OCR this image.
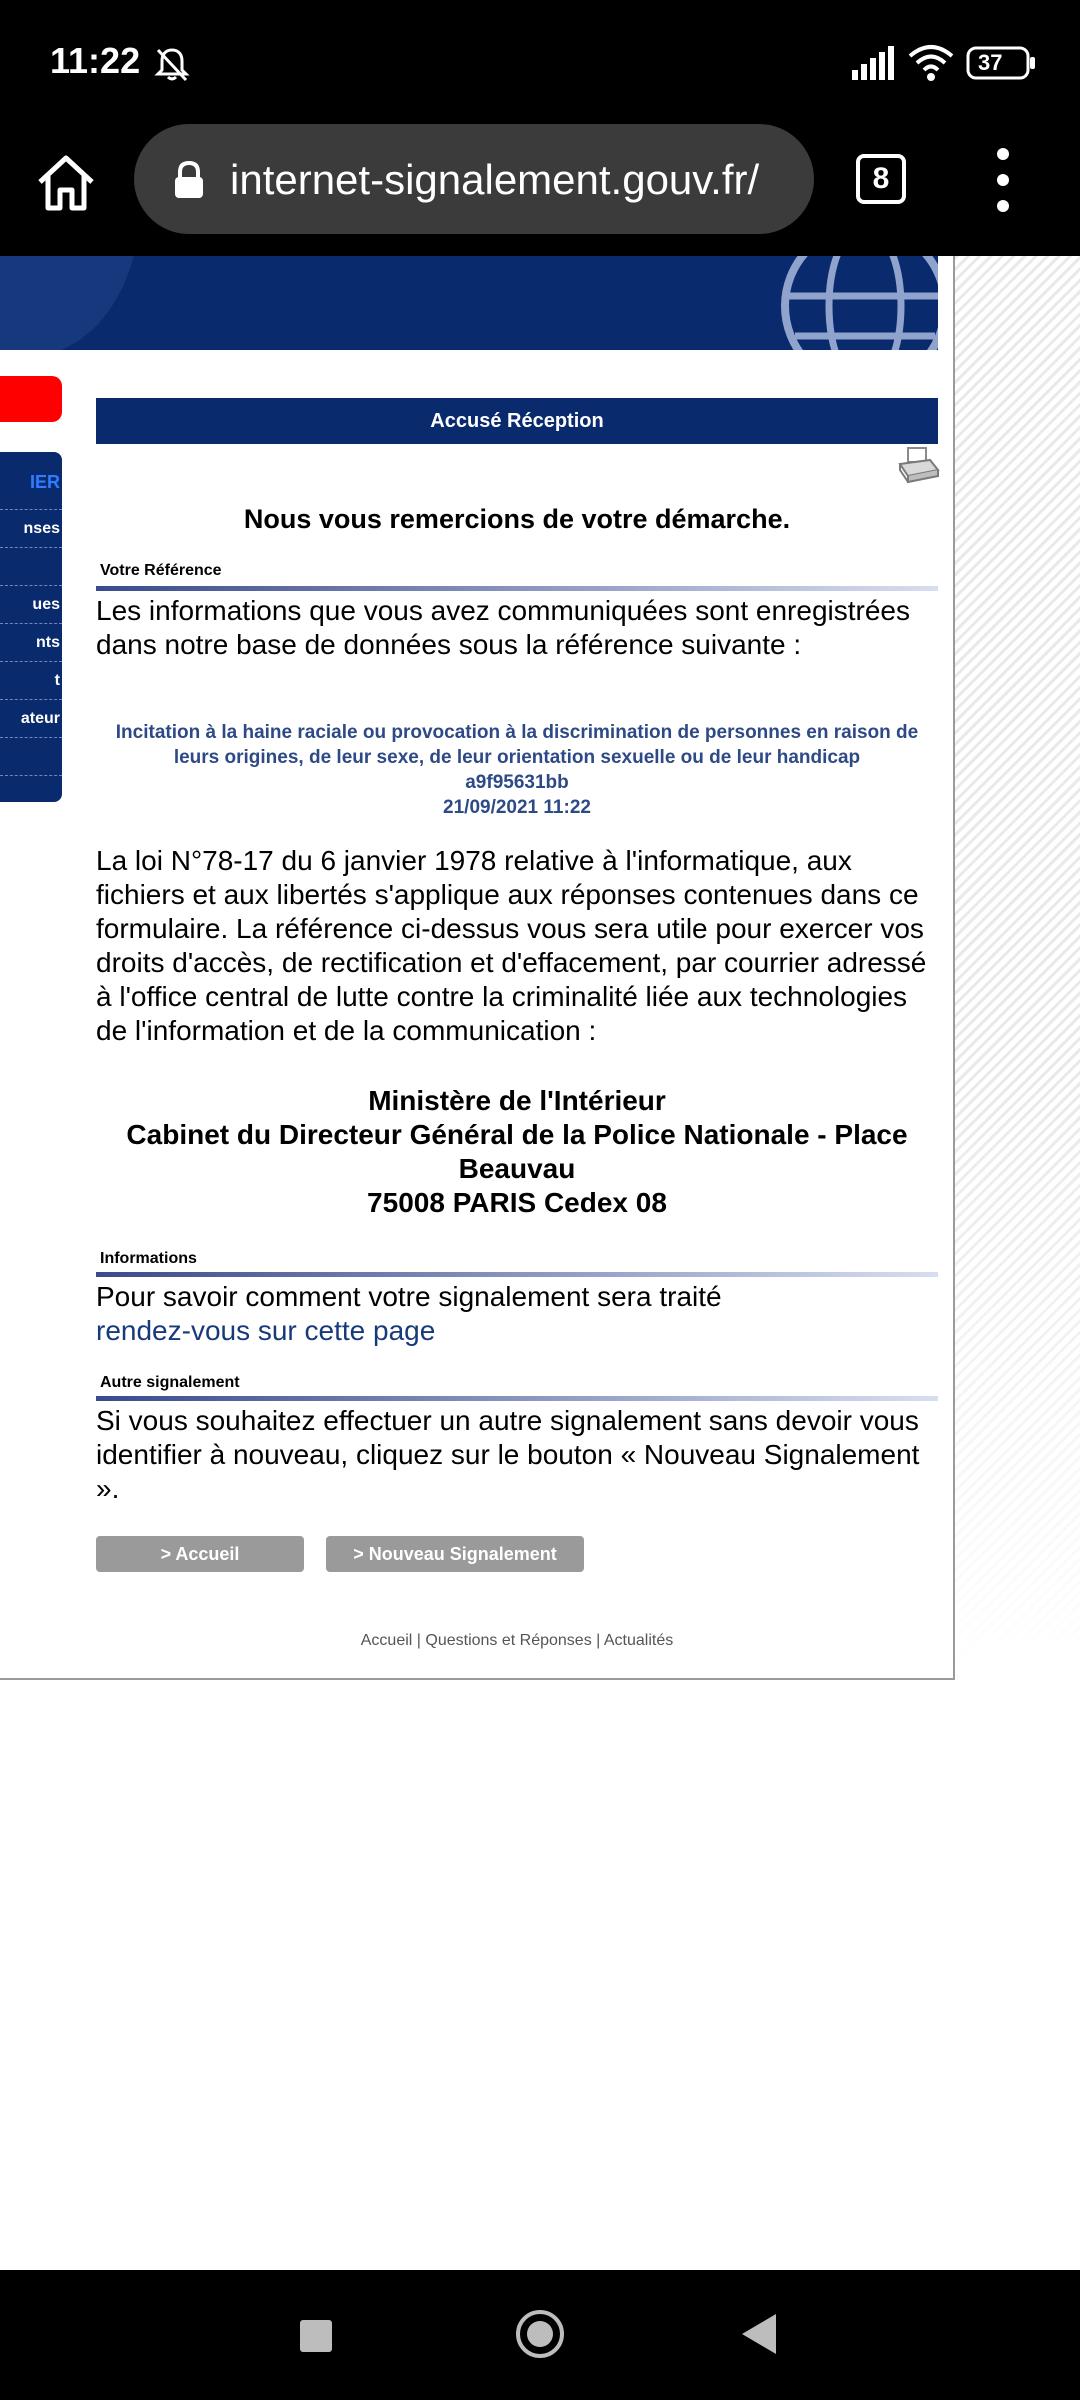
11:22	37
internet-signalement.gouv.fr/	8
IER
nses
ues
nts
t
ateur
Accusé Réception
Nous vous remercions de votre démarche.
Votre Référence
Les informations que vous avez communiquées sont enregistrées dans notre base de données sous la référence suivante :
Incitation à la haine raciale ou provocation à la discrimination de personnes en raison de leurs origines, de leur sexe, de leur orientation sexuelle ou de leur handicap
a9f95631bb
21/09/2021 11:22
La loi N°78-17 du 6 janvier 1978 relative à l'informatique, aux fichiers et aux libertés s'applique aux réponses contenues dans ce formulaire. La référence ci-dessus vous sera utile pour exercer vos droits d'accès, de rectification et d'effacement, par courrier adressé à l'office central de lutte contre la criminalité liée aux technologies de l'information et de la communication :
Ministère de l'Intérieur
Cabinet du Directeur Général de la Police Nationale - Place Beauvau
75008 PARIS Cedex 08
Informations
Pour savoir comment votre signalement sera traité
rendez-vous sur cette page
Autre signalement
Si vous souhaitez effectuer un autre signalement sans devoir vous identifier à nouveau, cliquez sur le bouton « Nouveau Signalement ».
> Accueil	> Nouveau Signalement
Accueil | Questions et Réponses | Actualités
